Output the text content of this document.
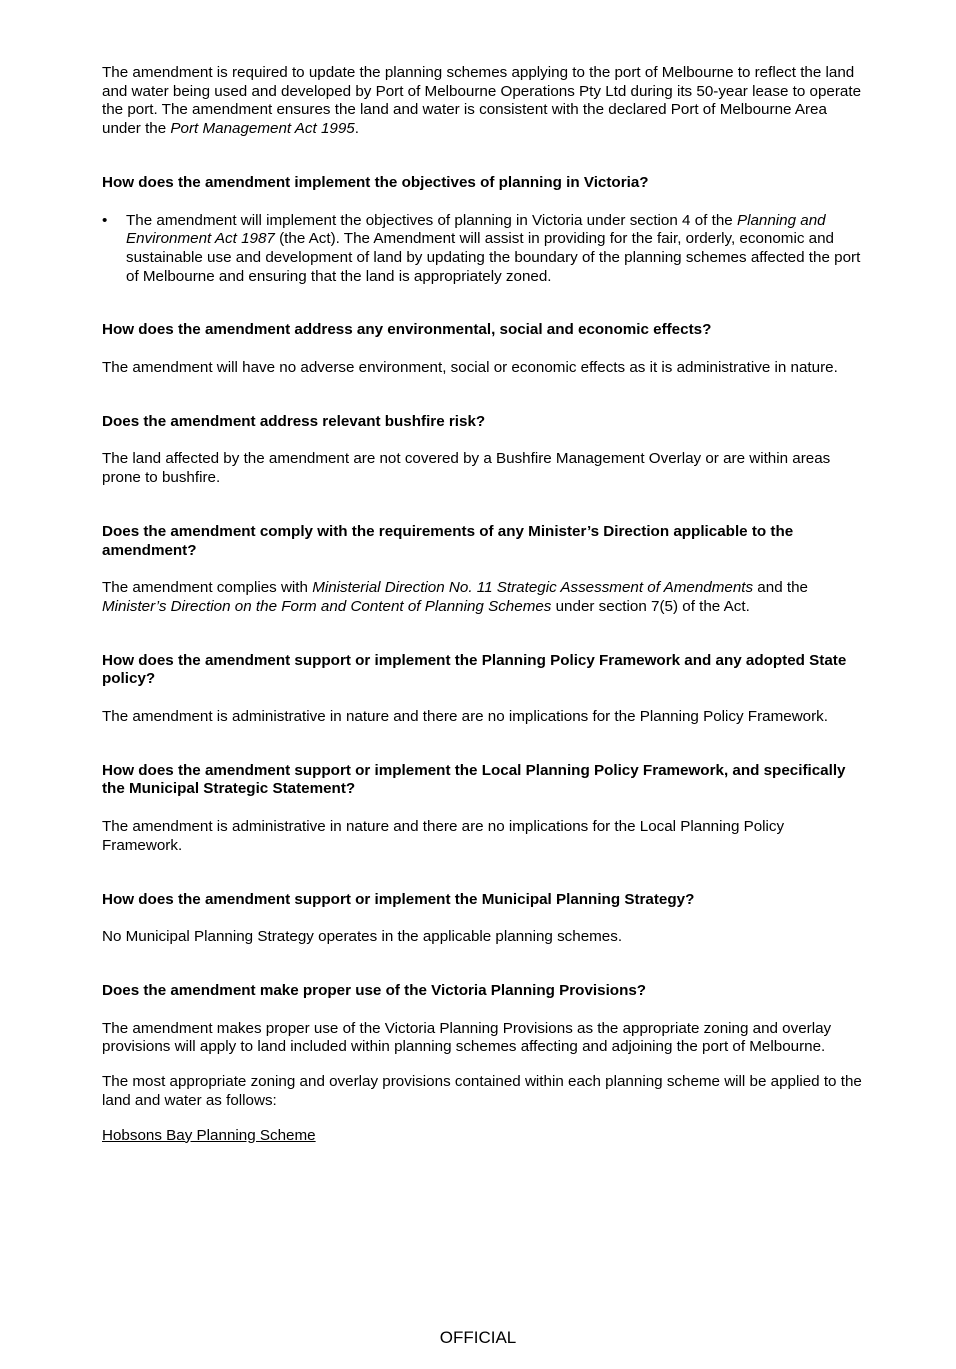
The amendment is required to update the planning schemes applying to the port of Melbourne to reflect the land and water being used and developed by Port of Melbourne Operations Pty Ltd during its 50-year lease to operate the port. The amendment ensures the land and water is consistent with the declared Port of Melbourne Area under the Port Management Act 1995.

How does the amendment implement the objectives of planning in Victoria?

• The amendment will implement the objectives of planning in Victoria under section 4 of the Planning and Environment Act 1987 (the Act). The Amendment will assist in providing for the fair, orderly, economic and sustainable use and development of land by updating the boundary of the planning schemes affected the port of Melbourne and ensuring that the land is appropriately zoned.

How does the amendment address any environmental, social and economic effects?

The amendment will have no adverse environment, social or economic effects as it is administrative in nature.

Does the amendment address relevant bushfire risk?

The land affected by the amendment are not covered by a Bushfire Management Overlay or are within areas prone to bushfire.

Does the amendment comply with the requirements of any Minister’s Direction applicable to the amendment?

The amendment complies with Ministerial Direction No. 11 Strategic Assessment of Amendments and the Minister’s Direction on the Form and Content of Planning Schemes under section 7(5) of the Act.

How does the amendment support or implement the Planning Policy Framework and any adopted State policy?

The amendment is administrative in nature and there are no implications for the Planning Policy Framework.

How does the amendment support or implement the Local Planning Policy Framework, and specifically the Municipal Strategic Statement?

The amendment is administrative in nature and there are no implications for the Local Planning Policy Framework.

How does the amendment support or implement the Municipal Planning Strategy?

No Municipal Planning Strategy operates in the applicable planning schemes.

Does the amendment make proper use of the Victoria Planning Provisions?

The amendment makes proper use of the Victoria Planning Provisions as the appropriate zoning and overlay provisions will apply to land included within planning schemes affecting and adjoining the port of Melbourne.

The most appropriate zoning and overlay provisions contained within each planning scheme will be applied to the land and water as follows:

Hobsons Bay Planning Scheme

OFFICIAL
